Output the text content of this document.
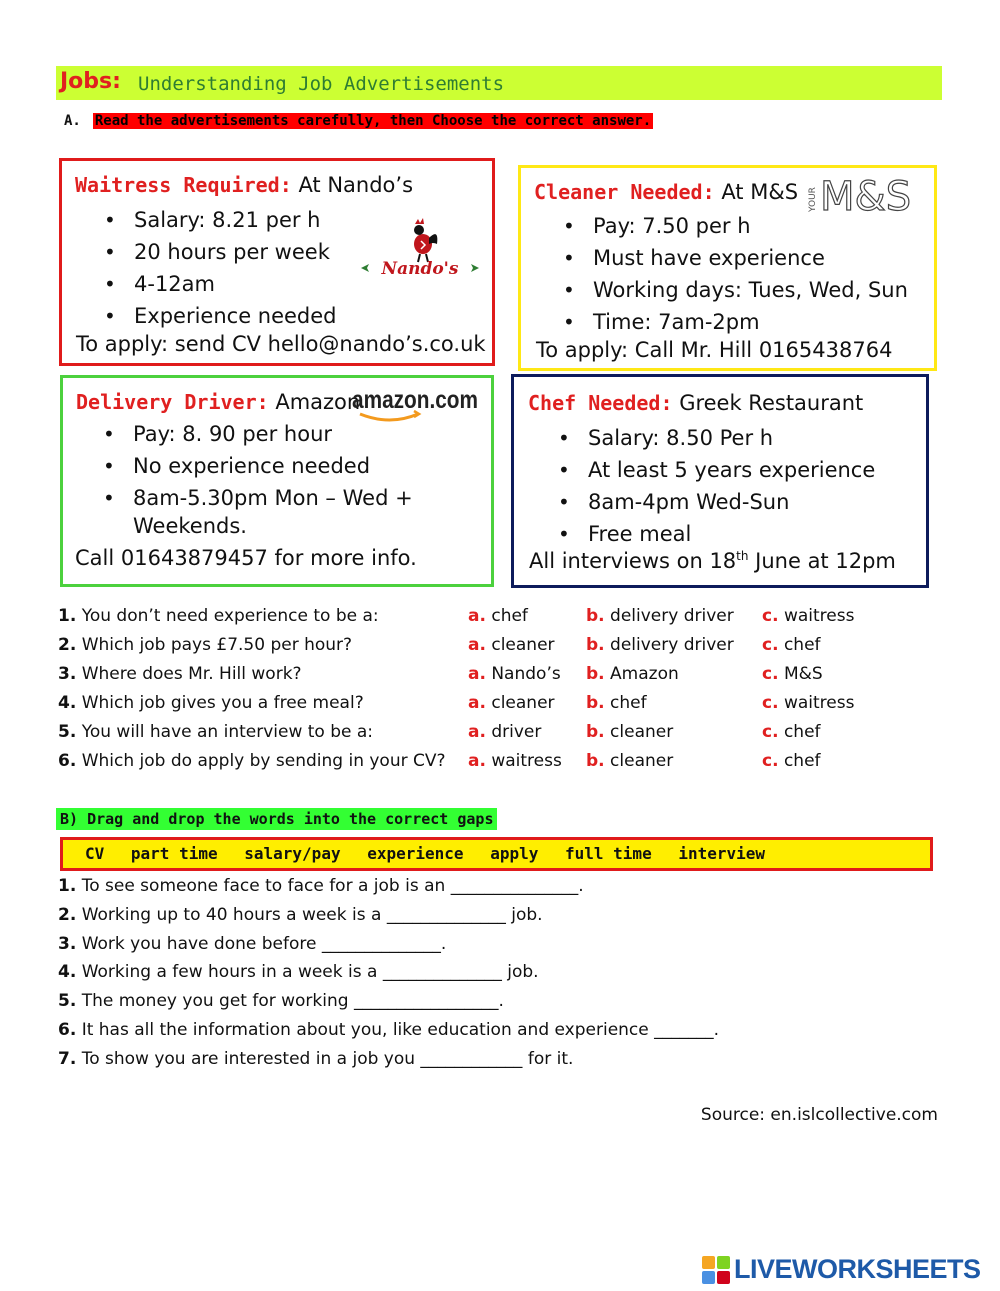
Jobs: Understanding Job Advertisements
A. Read the advertisements carefully, then Choose the correct answer.
Waitress Required: At Nando’s
• Salary: 8.21 per h
• 20 hours per week
• 4-12am
• Experience needed
To apply: send CV hello@nando’s.co.uk
Nando's
Cleaner Needed: At M&S
• Pay: 7.50 per h
• Must have experience
• Working days: Tues, Wed, Sun
• Time: 7am-2pm
To apply: Call Mr. Hill 0165438764
YOUR M&S
Delivery Driver: Amazon
• Pay: 8. 90 per hour
• No experience needed
• 8am-5.30pm Mon – Wed +
Weekends.
Call 01643879457 for more info.
amazon.com	Chef Needed: Greek Restaurant
• Salary: 8.50 Per h
• At least 5 years experience
• 8am-4pm Wed-Sun
• Free meal
All interviews on 18th June at 12pm
1. You don’t need experience to be a:	a. chef	b. delivery driver c. waitress
2. Which job pays £7.50 per hour?	a. cleaner b. delivery driver c. chef
3. Where does Mr. Hill work?	a. Nando’s b. Amazon	c. M&S
4. Which job gives you a free meal?	a. cleaner b. chef	c. waitress
5. You will have an interview to be a:	a. driver	b. cleaner	c. chef
6. Which job do apply by sending in your CV? a. waitress b. cleaner	c. chef
B) Drag and drop the words into the correct gaps
CV part time salary/pay experience apply full time interview
1. To see someone face to face for a job is an _______________.
2. Working up to 40 hours a week is a ______________ job.
3. Work you have done before ______________.
4. Working a few hours in a week is a ______________ job.
5. The money you get for working _________________.
6. It has all the information about you, like education and experience _______.
7. To show you are interested in a job you ____________ for it.
Source: en.islcollective.com
LIVEWORKSHEETS
